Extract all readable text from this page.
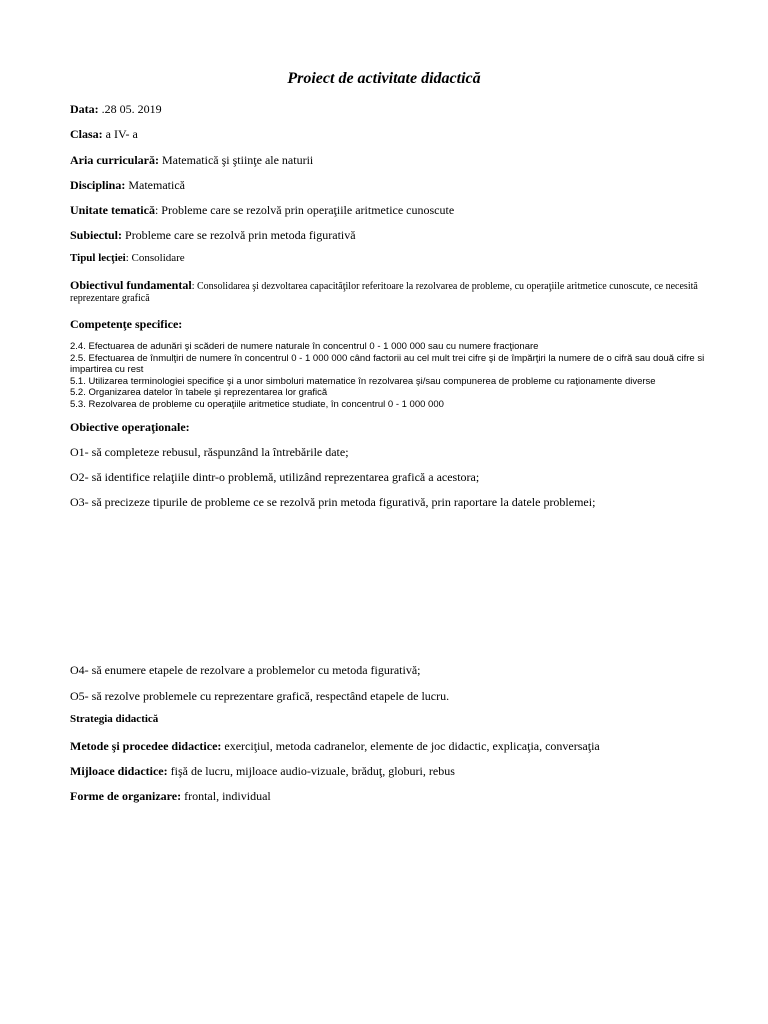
Proiect de activitate didactică
Data: .28 05. 2019
Clasa: a IV- a
Aria curriculară: Matematică şi ştiinţe ale naturii
Disciplina: Matematică
Unitate tematică: Probleme care se rezolvă prin operaţiile aritmetice cunoscute
Subiectul: Probleme care se rezolvă prin metoda figurativă
Tipul lecţiei: Consolidare
Obiectivul fundamental: Consolidarea şi dezvoltarea capacităţilor referitoare la rezolvarea de probleme, cu operaţiile aritmetice cunoscute, ce necesită reprezentare grafică
Competenţe specifice:
2.4. Efectuarea de adunări şi scăderi de numere naturale în concentrul 0 - 1 000 000 sau cu numere fracţionare
2.5. Efectuarea de înmulţiri de numere în concentrul 0 - 1 000 000 când factorii au cel mult trei cifre şi de împărţiri la numere de o cifră sau două cifre si impartirea cu rest
5.1. Utilizarea terminologiei specifice şi a unor simboluri matematice în rezolvarea şi/sau compunerea de probleme cu raţionamente diverse
5.2. Organizarea datelor în tabele şi reprezentarea lor grafică
5.3. Rezolvarea de probleme cu operaţiile aritmetice studiate, în concentrul 0 - 1 000 000
Obiective operaţionale:
O1- să completeze rebusul, răspunzând la întrebările date;
O2- să identifice relaţiile dintr-o problemă, utilizând reprezentarea grafică a acestora;
O3- să precizeze tipurile de probleme ce se rezolvă prin metoda figurativă, prin raportare la datele problemei;
O4- să enumere etapele de rezolvare a problemelor cu metoda figurativă;
O5- să rezolve problemele cu reprezentare grafică, respectând etapele de lucru.
Strategia didactică
Metode şi procedee didactice: exerciţiul, metoda cadranelor, elemente de joc didactic, explicaţia, conversaţia
Mijloace didactice: fişă de lucru, mijloace audio-vizuale, brăduţ, globuri, rebus
Forme de organizare: frontal, individual
